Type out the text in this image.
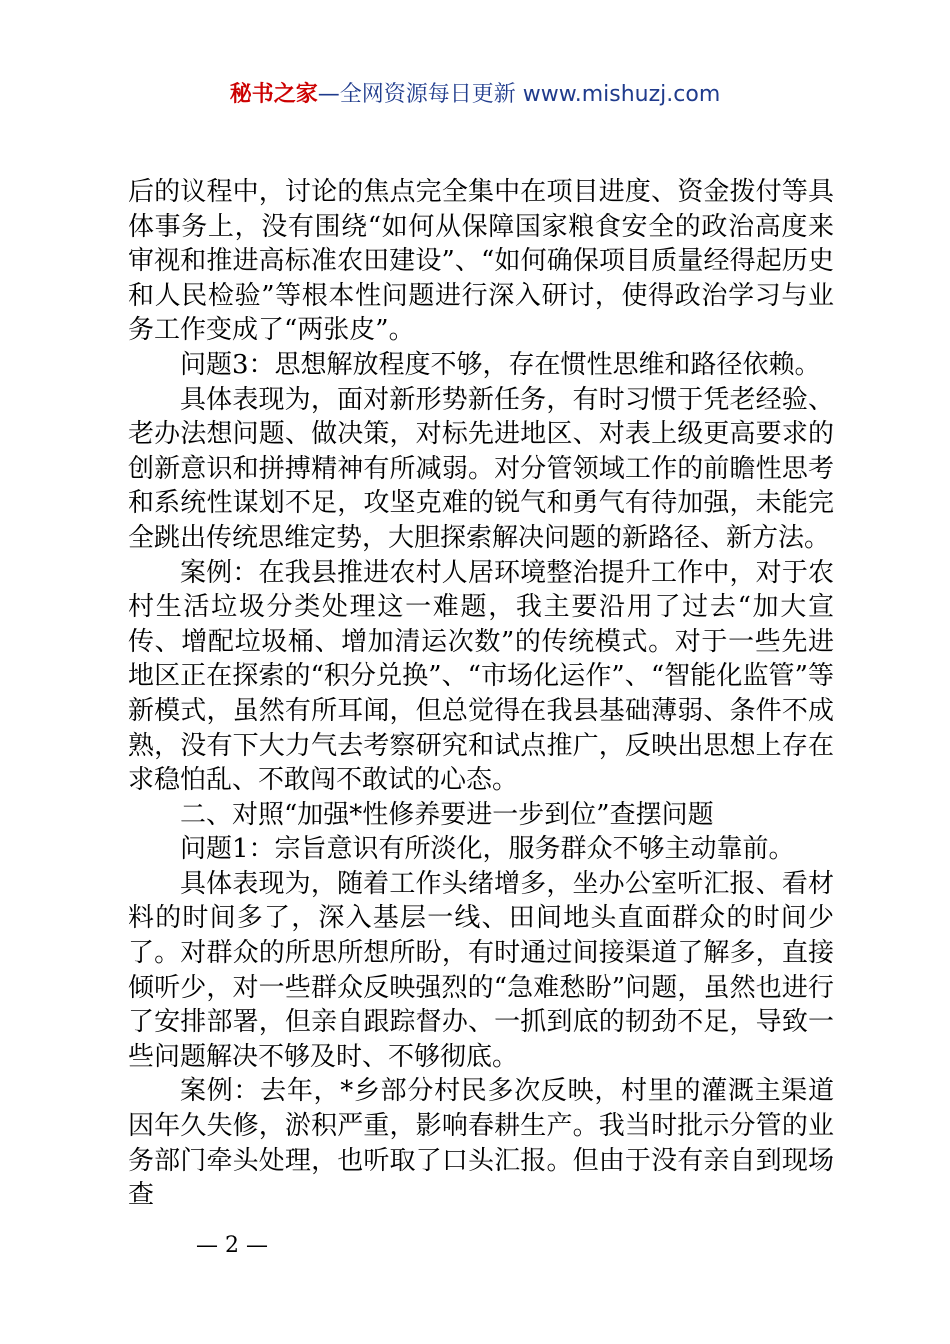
秘书之家—全网资源每日更新 www.mishuzj.com

后的议程中，讨论的焦点完全集中在项目进度、资金拨付等具体事务上，没有围绕“如何从保障国家粮食安全的政治高度来审视和推进高标准农田建设”、“如何确保项目质量经得起历史和人民检验”等根本性问题进行深入研讨，使得政治学习与业务工作变成了“两张皮”。

问题3：思想解放程度不够，存在惯性思维和路径依赖。

具体表现为，面对新形势新任务，有时习惯于凭老经验、老办法想问题、做决策，对标先进地区、对表上级更高要求的创新意识和拼搏精神有所减弱。对分管领域工作的前瞻性思考和系统性谋划不足，攻坚克难的锐气和勇气有待加强，未能完全跳出传统思维定势，大胆探索解决问题的新路径、新方法。

案例：在我县推进农村人居环境整治提升工作中，对于农村生活垃圾分类处理这一难题，我主要沿用了过去“加大宣传、增配垃圾桶、增加清运次数”的传统模式。对于一些先进地区正在探索的“积分兑换”、“市场化运作”、“智能化监管”等新模式，虽然有所耳闻，但总觉得在我县基础薄弱、条件不成熟，没有下大力气去考察研究和试点推广，反映出思想上存在求稳怕乱、不敢闯不敢试的心态。

二、对照“加强*性修养要进一步到位”查摆问题

问题1：宗旨意识有所淡化，服务群众不够主动靠前。

具体表现为，随着工作头绪增多，坐办公室听汇报、看材料的时间多了，深入基层一线、田间地头直面群众的时间少了。对群众的所思所想所盼，有时通过间接渠道了解多，直接倾听少，对一些群众反映强烈的“急难愁盼”问题，虽然也进行了安排部署，但亲自跟踪督办、一抓到底的韧劲不足，导致一些问题解决不够及时、不够彻底。

案例：去年，*乡部分村民多次反映，村里的灌溉主渠道因年久失修，淤积严重，影响春耕生产。我当时批示分管的业务部门牵头处理，也听取了口头汇报。但由于没有亲自到现场查

— 2 —
